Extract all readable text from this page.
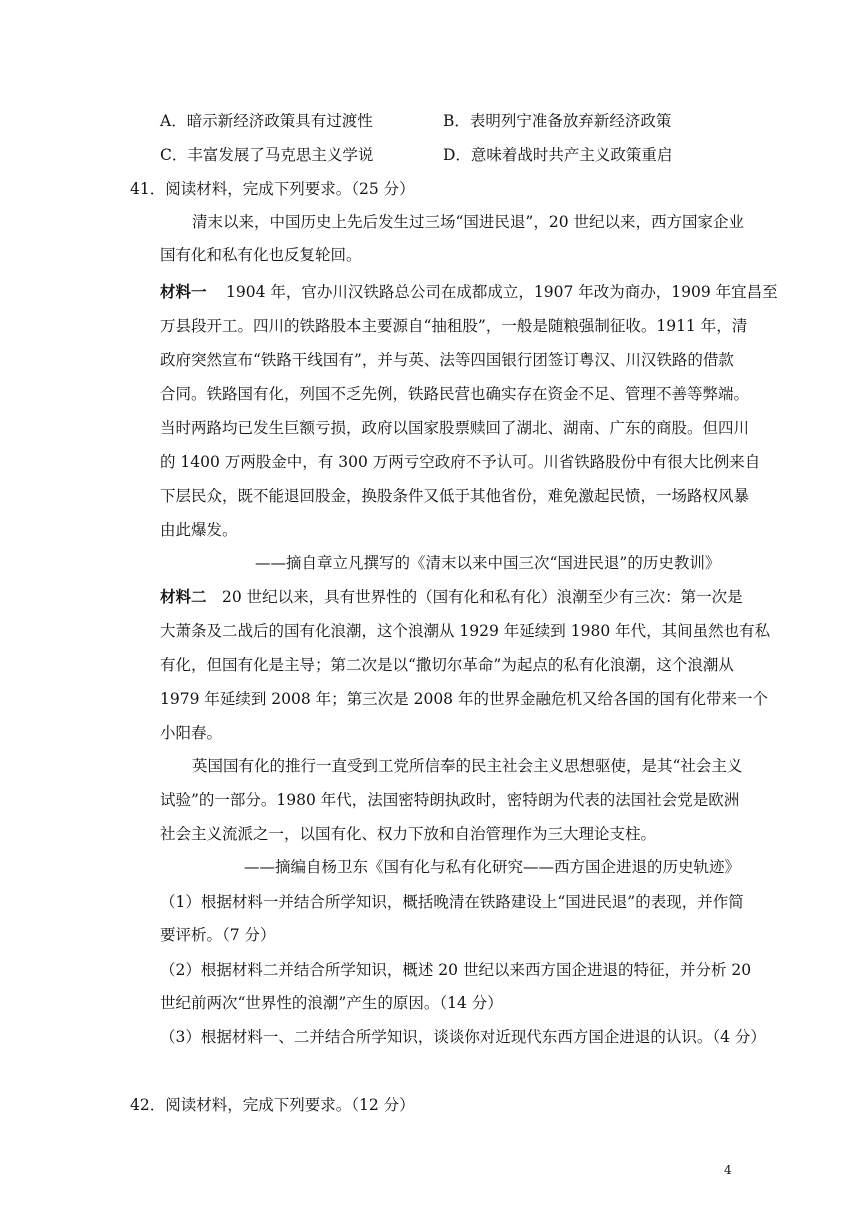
A．暗示新经济政策具有过渡性	B．表明列宁准备放弃新经济政策
C．丰富发展了马克思主义学说	D．意味着战时共产主义政策重启
41．阅读材料，完成下列要求。（25 分）
清末以来，中国历史上先后发生过三场“国进民退”，20 世纪以来，西方国家企业
国有化和私有化也反复轮回。
材料一 1904 年，官办川汉铁路总公司在成都成立，1907 年改为商办，1909 年宜昌至
万县段开工。四川的铁路股本主要源自“抽租股”，一般是随粮强制征收。1911 年，清
政府突然宣布“铁路干线国有”，并与英、法等四国银行团签订粤汉、川汉铁路的借款
合同。铁路国有化，列国不乏先例，铁路民营也确实存在资金不足、管理不善等弊端。
当时两路均已发生巨额亏损，政府以国家股票赎回了湖北、湖南、广东的商股。但四川
的 1400 万两股金中，有 300 万两亏空政府不予认可。川省铁路股份中有很大比例来自
下层民众，既不能退回股金，换股条件又低于其他省份，难免激起民愤，一场路权风暴
由此爆发。
——摘自章立凡撰写的《清末以来中国三次“国进民退”的历史教训》
材料二 20 世纪以来，具有世界性的（国有化和私有化）浪潮至少有三次：第一次是
大萧条及二战后的国有化浪潮，这个浪潮从 1929 年延续到 1980 年代，其间虽然也有私
有化，但国有化是主导；第二次是以“撒切尔革命”为起点的私有化浪潮，这个浪潮从
1979 年延续到 2008 年；第三次是 2008 年的世界金融危机又给各国的国有化带来一个
小阳春。
英国国有化的推行一直受到工党所信奉的民主社会主义思想驱使，是其“社会主义
试验”的一部分。1980 年代，法国密特朗执政时，密特朗为代表的法国社会党是欧洲
社会主义流派之一，以国有化、权力下放和自治管理作为三大理论支柱。
——摘编自杨卫东《国有化与私有化研究——西方国企进退的历史轨迹》
（1）根据材料一并结合所学知识，概括晚清在铁路建设上“国进民退”的表现，并作简
要评析。（7 分）
（2）根据材料二并结合所学知识，概述 20 世纪以来西方国企进退的特征，并分析 20
世纪前两次“世界性的浪潮”产生的原因。（14 分）
（3）根据材料一、二并结合所学知识，谈谈你对近现代东西方国企进退的认识。（4 分）
42．阅读材料，完成下列要求。（12 分）
4
